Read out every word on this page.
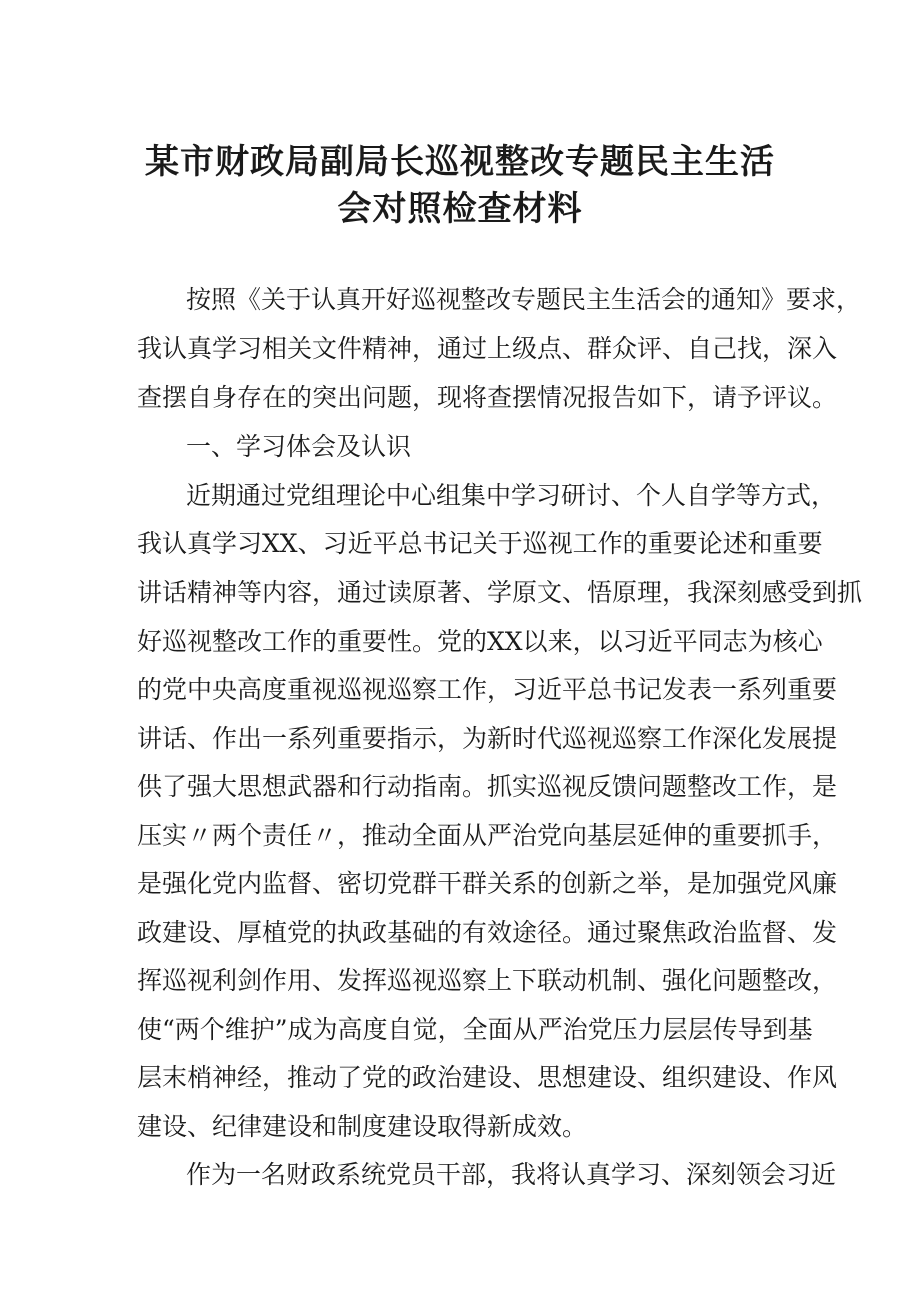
某市财政局副局长巡视整改专题民主生活
会对照检查材料
按照《关于认真开好巡视整改专题民主生活会的通知》要求，
我认真学习相关文件精神，通过上级点、群众评、自己找，深入
查摆自身存在的突出问题，现将查摆情况报告如下，请予评议。
一、学习体会及认识
近期通过党组理论中心组集中学习研讨、个人自学等方式，
我认真学习XX、习近平总书记关于巡视工作的重要论述和重要
讲话精神等内容，通过读原著、学原文、悟原理，我深刻感受到抓
好巡视整改工作的重要性。党的XX以来，以习近平同志为核心
的党中央高度重视巡视巡察工作，习近平总书记发表一系列重要
讲话、作出一系列重要指示，为新时代巡视巡察工作深化发展提
供了强大思想武器和行动指南。抓实巡视反馈问题整改工作，是
压实〃两个责任〃，推动全面从严治党向基层延伸的重要抓手，
是强化党内监督、密切党群干群关系的创新之举，是加强党风廉
政建设、厚植党的执政基础的有效途径。通过聚焦政治监督、发
挥巡视利剑作用、发挥巡视巡察上下联动机制、强化问题整改，
使“两个维护”成为高度自觉，全面从严治党压力层层传导到基
层末梢神经，推动了党的政治建设、思想建设、组织建设、作风
建设、纪律建设和制度建设取得新成效。
作为一名财政系统党员干部，我将认真学习、深刻领会习近
